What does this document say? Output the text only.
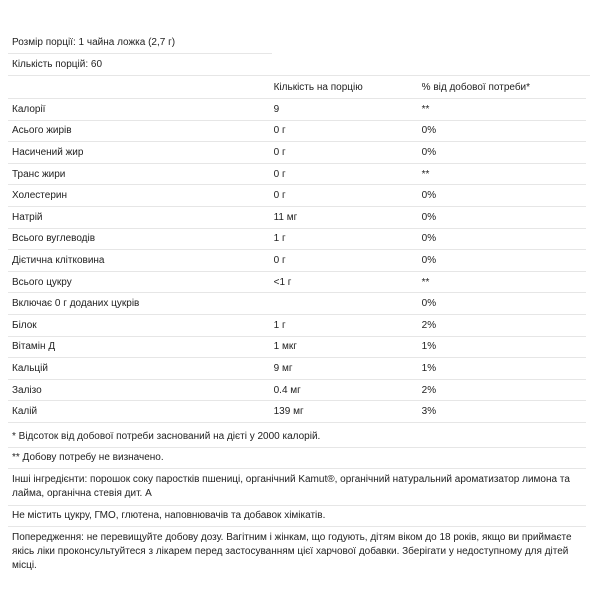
Розмір порції: 1 чайна ложка (2,7 г)
Кількість порцій: 60
	Кількість на порцію	% від добової потреби*
Калорії	9	**
Асього жирів	0 г	0%
Насичений жир	0 г	0%
Транс жири	0 г	**
Холестерин	0 г	0%
Натрій	11 мг	0%
Всього вуглеводів	1 г	0%
Дієтична клітковина	0 г	0%
Всього цукру	<1 г	**
Включає 0 г доданих цукрів		0%
Білок	1 г	2%
Вітамін Д	1 мкг	1%
Кальцій	9 мг	1%
Залізо	0.4 мг	2%
Калій	139 мг	3%
* Відсоток від добової потреби заснований на дієті у 2000 калорій.
** Добову потребу не визначено.
Інші інгредієнти: порошок соку паростків пшениці, органічний Kamut®, органічний натуральний ароматизатор лимона та лайма, органічна стевія дит. А
Не містить цукру, ГМО, глютена, наповнювачів та добавок хімікатів.
Попередження: не перевищуйте добову дозу. Вагітним і жінкам, що годують, дітям віком до 18 років, якщо ви приймаєте якісь ліки проконсультуйтеся з лікарем перед застосуванням цієї харчової добавки. Зберігати у недоступному для дітей місці.
